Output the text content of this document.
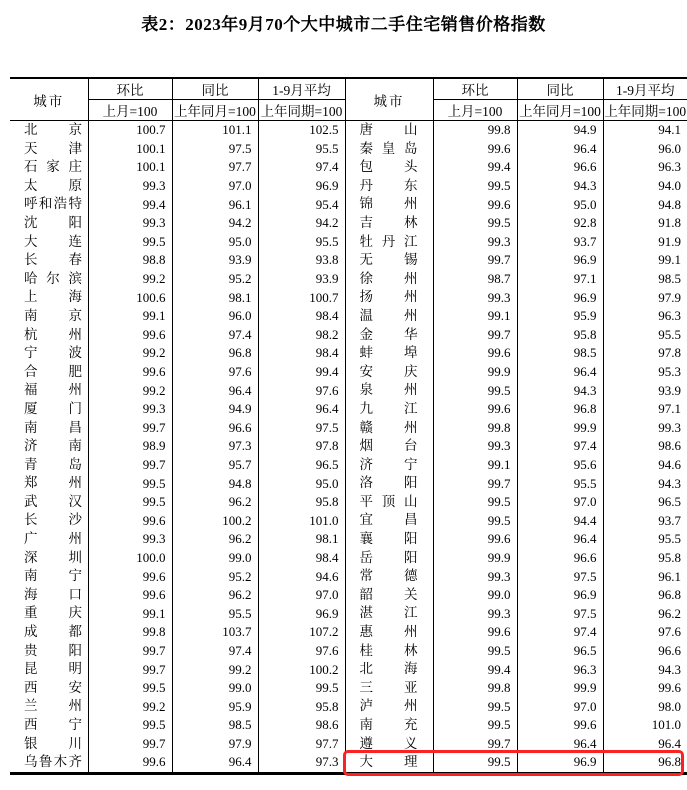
表2：2023年9月70个大中城市二手住宅销售价格指数
城市	环比	同比	1-9月平均	城市	环比	同比	1-9月平均
	上月=100	上年同月=100	上年同期=100		上月=100	上年同月=100	上年同期=100

北 京	100.7	101.1	102.5	唐 山	99.8	94.9	94.1

天 津	100.1	97.5	95.5	秦 皇 岛	99.6	96.4	96.0

石 家 庄	100.1	97.7	97.4	包 头	99.4	96.6	96.3

太 原	99.3	97.0	96.9	丹 东	99.5	94.3	94.0

呼 和 浩 特	99.4	96.1	95.4	锦 州	99.6	95.0	94.8

沈 阳	99.3	94.2	94.2	吉 林	99.5	92.8	91.8

大 连	99.5	95.0	95.5	牡 丹 江	99.3	93.7	91.9

长 春	98.8	93.9	93.8	无 锡	99.7	96.9	99.1

哈 尔 滨	99.2	95.2	93.9	徐 州	98.7	97.1	98.5

上 海	100.6	98.1	100.7	扬 州	99.3	96.9	97.9

南 京	99.1	96.0	98.4	温 州	99.1	95.9	96.3

杭 州	99.6	97.4	98.2	金 华	99.7	95.8	95.5

宁 波	99.2	96.8	98.4	蚌 埠	99.6	98.5	97.8

合 肥	99.6	97.6	99.4	安 庆	99.9	96.4	95.3

福 州	99.2	96.4	97.6	泉 州	99.5	94.3	93.9

厦 门	99.3	94.9	96.4	九 江	99.6	96.8	97.1

南 昌	99.7	96.6	97.5	赣 州	99.8	99.9	99.3

济 南	98.9	97.3	97.8	烟 台	99.3	97.4	98.6

青 岛	99.7	95.7	96.5	济 宁	99.1	95.6	94.6

郑 州	99.5	94.8	95.0	洛 阳	99.7	95.5	94.3

武 汉	99.5	96.2	95.8	平 顶 山	99.5	97.0	96.5

长 沙	99.6	100.2	101.0	宜 昌	99.5	94.4	93.7

广 州	99.3	96.2	98.1	襄 阳	99.6	96.4	95.5

深 圳	100.0	99.0	98.4	岳 阳	99.9	96.6	95.8

南 宁	99.6	95.2	94.6	常 德	99.3	97.5	96.1

海 口	99.6	96.2	97.0	韶 关	99.0	96.9	96.8

重 庆	99.1	95.5	96.9	湛 江	99.3	97.5	96.2

成 都	99.8	103.7	107.2	惠 州	99.6	97.4	97.6

贵 阳	99.7	97.4	97.6	桂 林	99.5	96.5	96.6

昆 明	99.7	99.2	100.2	北 海	99.4	96.3	94.3

西 安	99.5	99.0	99.5	三 亚	99.8	99.9	99.6

兰 州	99.2	95.9	95.8	泸 州	99.5	97.0	98.0

西 宁	99.5	98.5	98.6	南 充	99.5	99.6	101.0

银 川	99.7	97.9	97.7	遵 义	99.7	96.4	96.4

乌 鲁 木 齐	99.6	96.4	97.3	大 理	99.5	96.9	96.8
